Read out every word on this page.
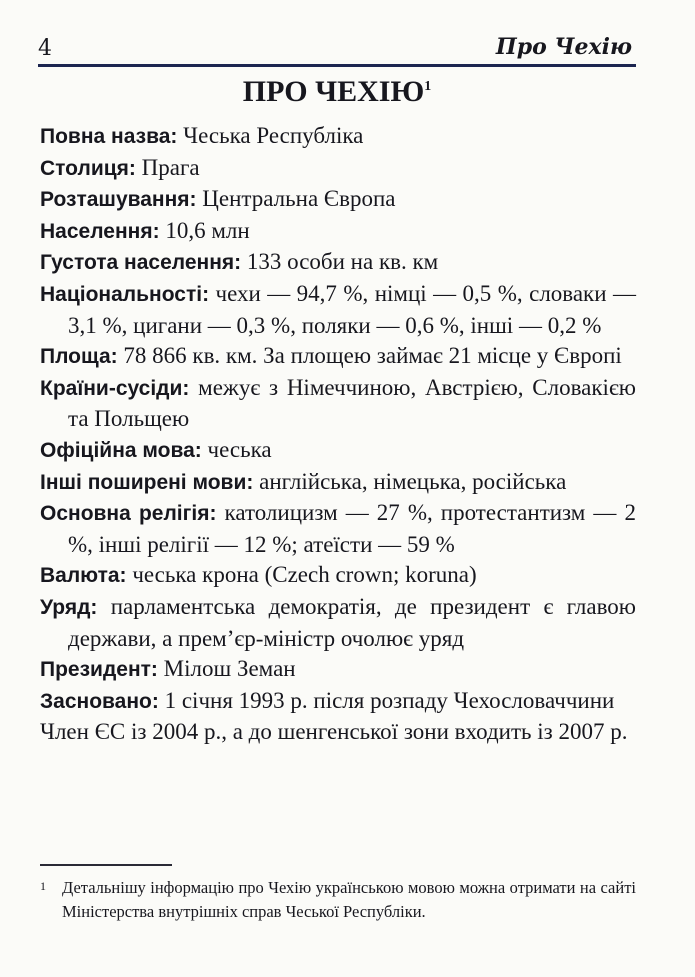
4	Про Чехію
ПРО ЧЕХІЮ$^1$

Повна назва: Чеська Республіка

Столиця: Прага

Розташування: Центральна Європа

Населення: 10,6 млн

Густота населення: 133 особи на кв. км

Національності: чехи — 94,7 %, німці — 0,5 %, словаки — 3,1 %, цигани — 0,3 %, поляки — 0,6 %, інші — 0,2 %

Площа: 78 866 кв. км. За площею займає 21 місце у Європі

Країни-сусіди: межує з Німеччиною, Австрією, Словакією та Польщею

Офіційна мова: чеська

Інші поширені мови: англійська, німецька, російська

Основна релігія: католицизм — 27 %, протестантизм — 2 %, інші релігії — 12 %; атеїсти — 59 %

Валюта: чеська крона (Czech crown; koruna)

Уряд: парламентська демократія, де президент є главою держави, а прем’єр-міністр очолює уряд

Президент: Мілош Земан

Засновано: 1 січня 1993 р. після розпаду Чехословаччини

Член ЄС із 2004 р., а до шенгенської зони входить із 2007 р.

1 Детальнішу інформацію про Чехію українською мовою можна отримати на сайті Міністерства внутрішніх справ Чеської Республіки.
